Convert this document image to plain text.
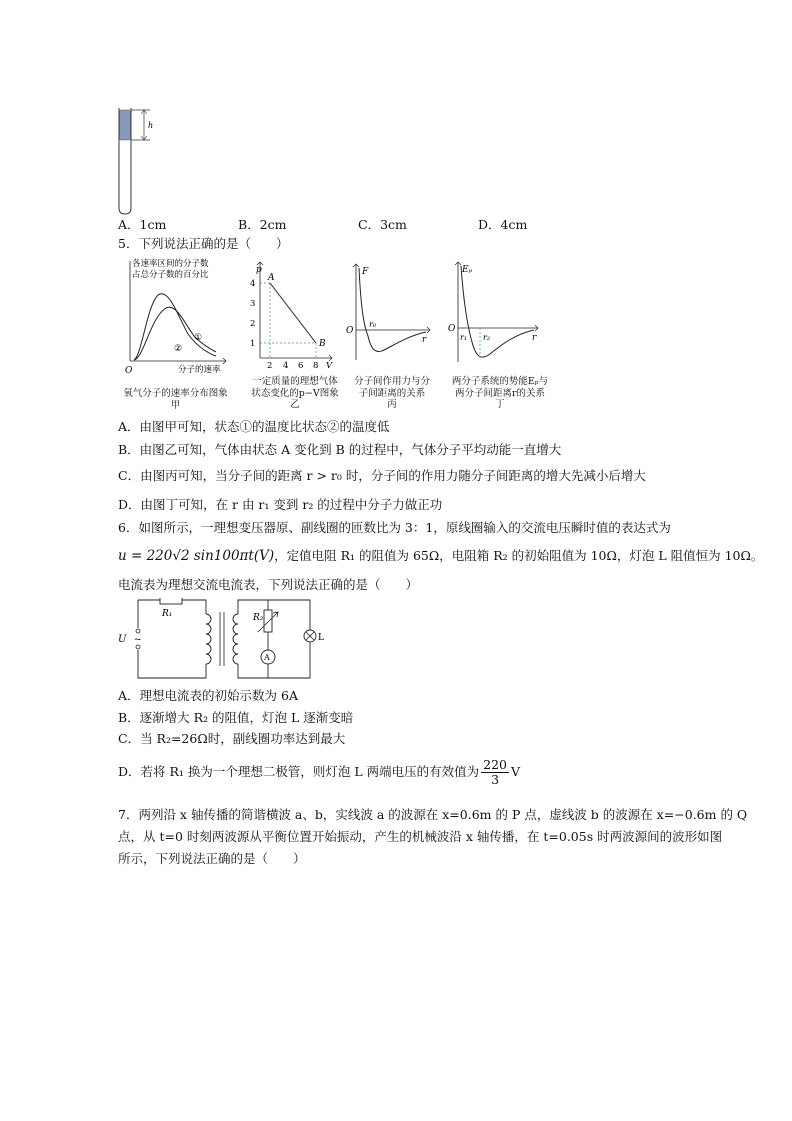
h
A．1cm	B．2cm	C．3cm	D．4cm
5．下列说法正确的是（　　）
各速率区间的分子数
占总分子数的百分比
O
①
②
分子的速率
氧气分子的速率分布图象
甲
p
A
B
4
3
2
1
2 4 6 8 V
一定质量的理想气体
状态变化的p−V图象
乙
F
O
r₀
r
分子间作用力与分
子间距离的关系
丙
Eₚ
O
r₁ r₂	r
两分子系统的势能Eₚ与
两分子间距离r的关系
丁
A．由图甲可知，状态①的温度比状态②的温度低
B．由图乙可知，气体由状态 A 变化到 B 的过程中，气体分子平均动能一直增大
C．由图丙可知，当分子间的距离 r > r₀ 时，分子间的作用力随分子间距离的增大先减小后增大
D．由图丁可知，在 r 由 r₁ 变到 r₂ 的过程中分子力做正功
6．如图所示，一理想变压器原、副线圈的匝数比为 3：1，原线圈输入的交流电压瞬时值的表达式为
u = 220√2 sin100πt(V)，定值电阻 R₁ 的阻值为 65Ω，电阻箱 R₂ 的初始阻值为 10Ω，灯泡 L 阻值恒为 10Ω。
电流表为理想交流电流表，下列说法正确的是（　　）
R₁
U ~
R₂
A
L
A．理想电流表的初始示数为 6A
B．逐渐增大 R₂ 的阻值，灯泡 L 逐渐变暗
C．当 R₂=26Ω时，副线圈功率达到最大
D．若将 R₁ 换为一个理想二极管，则灯泡 L 两端电压的有效值为 $\frac{220}{3}$ V
7．两列沿 x 轴传播的简谐横波 a、b，实线波 a 的波源在 x=0.6m 的 P 点，虚线波 b 的波源在 x=−0.6m 的 Q
点，从 t=0 时刻两波源从平衡位置开始振动，产生的机械波沿 x 轴传播，在 t=0.05s 时两波源间的波形如图
所示，下列说法正确的是（　　）
